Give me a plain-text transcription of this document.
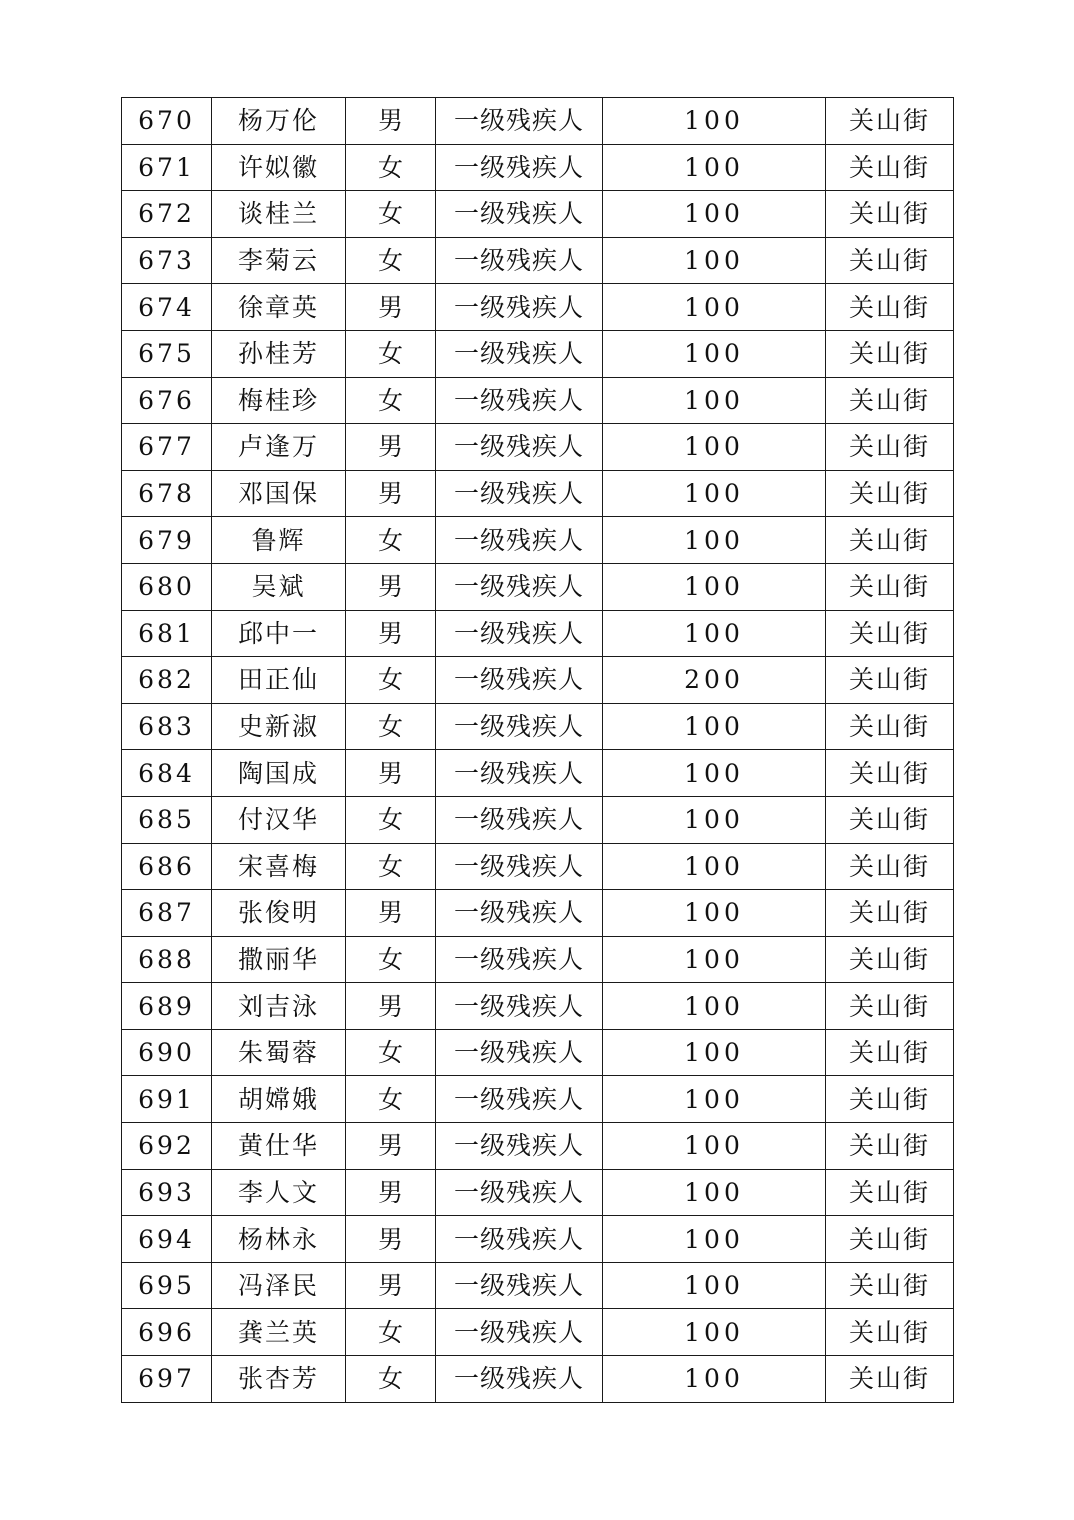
670	杨万伦	男	一级残疾人	100	关山街
671	许姒徽	女	一级残疾人	100	关山街
672	谈桂兰	女	一级残疾人	100	关山街
673	李菊云	女	一级残疾人	100	关山街
674	徐章英	男	一级残疾人	100	关山街
675	孙桂芳	女	一级残疾人	100	关山街
676	梅桂珍	女	一级残疾人	100	关山街
677	卢逢万	男	一级残疾人	100	关山街
678	邓国保	男	一级残疾人	100	关山街
679	鲁辉	女	一级残疾人	100	关山街
680	吴斌	男	一级残疾人	100	关山街
681	邱中一	男	一级残疾人	100	关山街
682	田正仙	女	一级残疾人	200	关山街
683	史新淑	女	一级残疾人	100	关山街
684	陶国成	男	一级残疾人	100	关山街
685	付汉华	女	一级残疾人	100	关山街
686	宋喜梅	女	一级残疾人	100	关山街
687	张俊明	男	一级残疾人	100	关山街
688	撒丽华	女	一级残疾人	100	关山街
689	刘吉泳	男	一级残疾人	100	关山街
690	朱蜀蓉	女	一级残疾人	100	关山街
691	胡嫦娥	女	一级残疾人	100	关山街
692	黄仕华	男	一级残疾人	100	关山街
693	李人文	男	一级残疾人	100	关山街
694	杨林永	男	一级残疾人	100	关山街
695	冯泽民	男	一级残疾人	100	关山街
696	龚兰英	女	一级残疾人	100	关山街
697	张杏芳	女	一级残疾人	100	关山街
